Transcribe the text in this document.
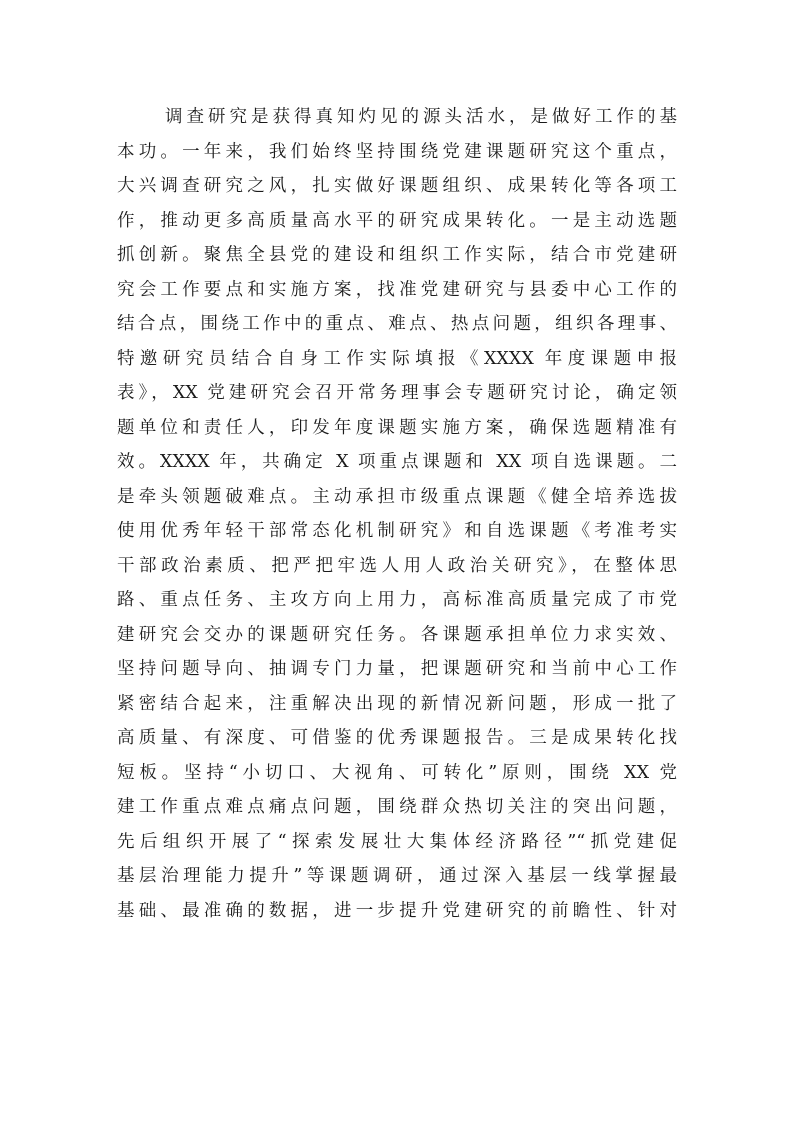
调查研究是获得真知灼见的源头活水，是做好工作的基
本功。一年来，我们始终坚持围绕党建课题研究这个重点，
大兴调查研究之风，扎实做好课题组织、成果转化等各项工
作，推动更多高质量高水平的研究成果转化。一是主动选题
抓创新。聚焦全县党的建设和组织工作实际，结合市党建研
究会工作要点和实施方案，找准党建研究与县委中心工作的
结合点，围绕工作中的重点、难点、热点问题，组织各理事、
特邀研究员结合自身工作实际填报《XXXX 年度课题申报
表》，XX 党建研究会召开常务理事会专题研究讨论，确定领
题单位和责任人，印发年度课题实施方案，确保选题精准有
效。XXXX 年，共确定 X 项重点课题和 XX 项自选课题。二
是牵头领题破难点。主动承担市级重点课题《健全培养选拔
使用优秀年轻干部常态化机制研究》和自选课题《考准考实
干部政治素质、把严把牢选人用人政治关研究》，在整体思
路、重点任务、主攻方向上用力，高标准高质量完成了市党
建研究会交办的课题研究任务。各课题承担单位力求实效、
坚持问题导向、抽调专门力量，把课题研究和当前中心工作
紧密结合起来，注重解决出现的新情况新问题，形成一批了
高质量、有深度、可借鉴的优秀课题报告。三是成果转化找
短板。坚持“小切口、大视角、可转化”原则，围绕 XX 党
建工作重点难点痛点问题，围绕群众热切关注的突出问题，
先后组织开展了“探索发展壮大集体经济路径”“抓党建促
基层治理能力提升”等课题调研，通过深入基层一线掌握最
基础、最准确的数据，进一步提升党建研究的前瞻性、针对
